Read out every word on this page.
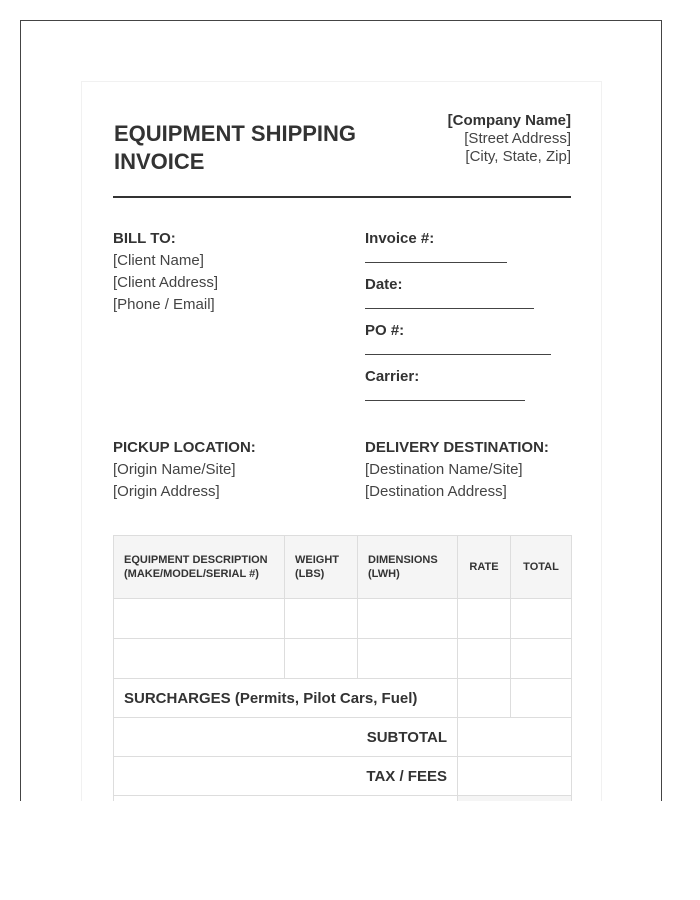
EQUIPMENT SHIPPING INVOICE
[Company Name]
[Street Address]
[City, State, Zip]
BILL TO:
[Client Name]
[Client Address]
[Phone / Email]
Invoice #:
Date:
PO #:
Carrier:
PICKUP LOCATION:
[Origin Name/Site]
[Origin Address]
DELIVERY DESTINATION:
[Destination Name/Site]
[Destination Address]
EQUIPMENT DESCRIPTION (MAKE/MODEL/SERIAL #)	WEIGHT (LBS)	DIMENSIONS (LWH)	RATE	TOTAL

SURCHARGES (Permits, Pilot Cars, Fuel)				
SUBTOTAL				
TAX / FEES				
